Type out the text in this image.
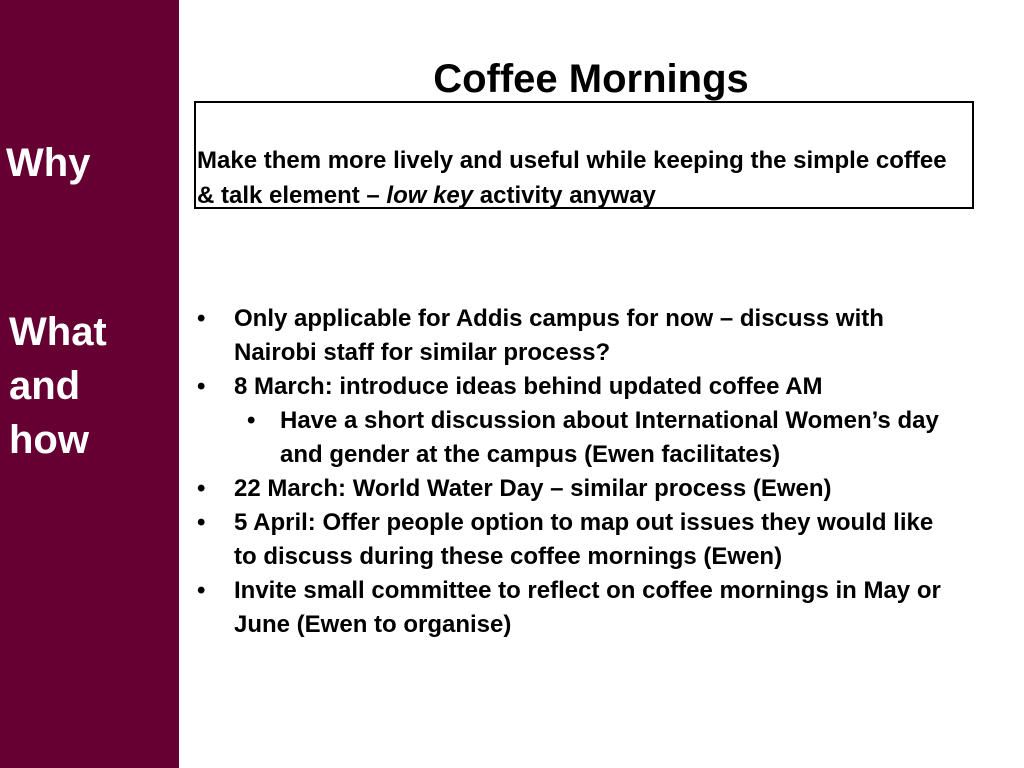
Why

What
and
how

Coffee Mornings

Make them more lively and useful while keeping the simple coffee & talk element – low key activity anyway

• Only applicable for Addis campus for now – discuss with Nairobi staff for similar process?
• 8 March: introduce ideas behind updated coffee AM
• Have a short discussion about International Women’s day and gender at the campus (Ewen facilitates)
• 22 March: World Water Day – similar process (Ewen)
• 5 April: Offer people option to map out issues they would like to discuss during these coffee mornings (Ewen)
• Invite small committee to reflect on coffee mornings in May or June (Ewen to organise)
